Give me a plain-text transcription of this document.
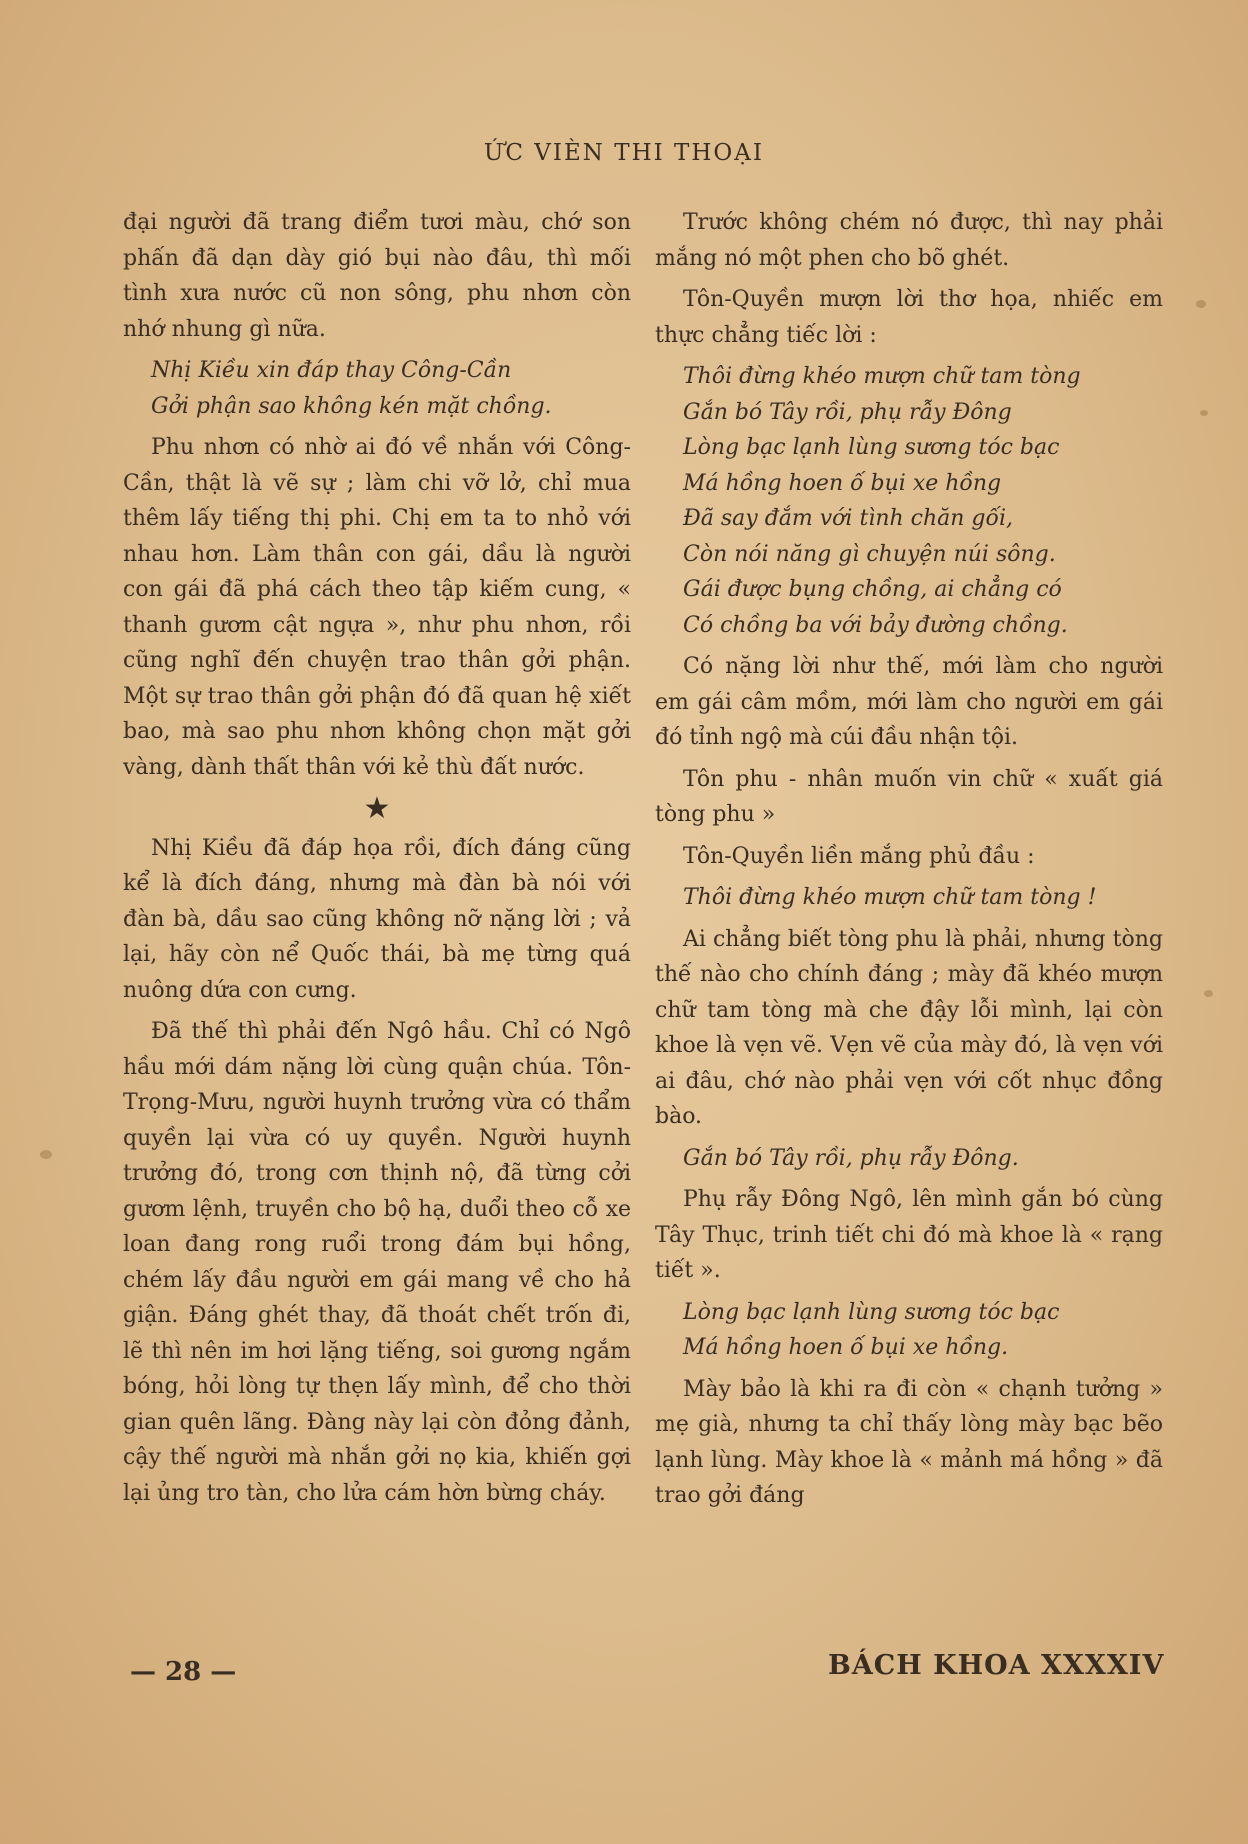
ỨC VIÈN THI THOẠI

đại người đã trang điểm tươi màu, chớ son phấn đã dạn dày gió bụi nào đâu, thì mối tình xưa nước cũ non sông, phu nhơn còn nhớ nhung gì nữa.

Nhị Kiều xin đáp thay Công-Cần
Gởi phận sao không kén mặt chồng.

Phu nhơn có nhờ ai đó về nhắn với Công-Cần, thật là vẽ sự ; làm chi vỡ lở, chỉ mua thêm lấy tiếng thị phi. Chị em ta to nhỏ với nhau hơn. Làm thân con gái, dầu là người con gái đã phá cách theo tập kiếm cung, « thanh gươm cật ngựa », như phu nhơn, rồi cũng nghĩ đến chuyện trao thân gởi phận. Một sự trao thân gởi phận đó đã quan hệ xiết bao, mà sao phu nhơn không chọn mặt gởi vàng, dành thất thân với kẻ thù đất nước.

★

Nhị Kiều đã đáp họa rồi, đích đáng cũng kể là đích đáng, nhưng mà đàn bà nói với đàn bà, dầu sao cũng không nỡ nặng lời ; vả lại, hãy còn nể Quốc thái, bà mẹ từng quá nuông dứa con cưng.

Đã thế thì phải đến Ngô hầu. Chỉ có Ngô hầu mới dám nặng lời cùng quận chúa. Tôn-Trọng-Mưu, người huynh trưởng vừa có thẩm quyền lại vừa có uy quyền. Người huynh trưởng đó, trong cơn thịnh nộ, đã từng cởi gươm lệnh, truyền cho bộ hạ, duổi theo cỗ xe loan đang rong ruổi trong đám bụi hồng, chém lấy đầu người em gái mang về cho hả giận. Đáng ghét thay, đã thoát chết trốn đi, lẽ thì nên im hơi lặng tiếng, soi gương ngắm bóng, hỏi lòng tự thẹn lấy mình, để cho thời gian quên lãng. Đàng này lại còn đỏng đảnh, cậy thế người mà nhắn gởi nọ kia, khiến gợi lại ủng tro tàn, cho lửa cám hờn bừng cháy.

Trước không chém nó được, thì nay phải mắng nó một phen cho bõ ghét.

Tôn-Quyền mượn lời thơ họa, nhiếc em thực chẳng tiếc lời :

Thôi đừng khéo mượn chữ tam tòng
Gắn bó Tây rồi, phụ rẫy Đông
Lòng bạc lạnh lùng sương tóc bạc
Má hồng hoen ố bụi xe hồng
Đã say đắm với tình chăn gối,
Còn nói năng gì chuyện núi sông.
Gái được bụng chồng, ai chẳng có
Có chồng ba với bảy đường chồng.

Có nặng lời như thế, mới làm cho người em gái câm mồm, mới làm cho người em gái đó tỉnh ngộ mà cúi đầu nhận tội.

Tôn phu - nhân muốn vin chữ « xuất giá tòng phu »

Tôn-Quyền liền mắng phủ đầu :

Thôi đừng khéo mượn chữ tam tòng !

Ai chẳng biết tòng phu là phải, nhưng tòng thế nào cho chính đáng ; mày đã khéo mượn chữ tam tòng mà che đậy lỗi mình, lại còn khoe là vẹn vẽ. Vẹn vẽ của mày đó, là vẹn với ai đâu, chớ nào phải vẹn với cốt nhục đồng bào.

Gắn bó Tây rồi, phụ rẫy Đông.

Phụ rẫy Đông Ngô, lên mình gắn bó cùng Tây Thục, trinh tiết chi đó mà khoe là « rạng tiết ».

Lòng bạc lạnh lùng sương tóc bạc
Má hồng hoen ố bụi xe hồng.

Mày bảo là khi ra đi còn « chạnh tưởng » mẹ già, nhưng ta chỉ thấy lòng mày bạc bẽo lạnh lùng. Mày khoe là « mảnh má hồng » đã trao gởi đáng

— 28 —	BÁCH KHOA XXXXIV
